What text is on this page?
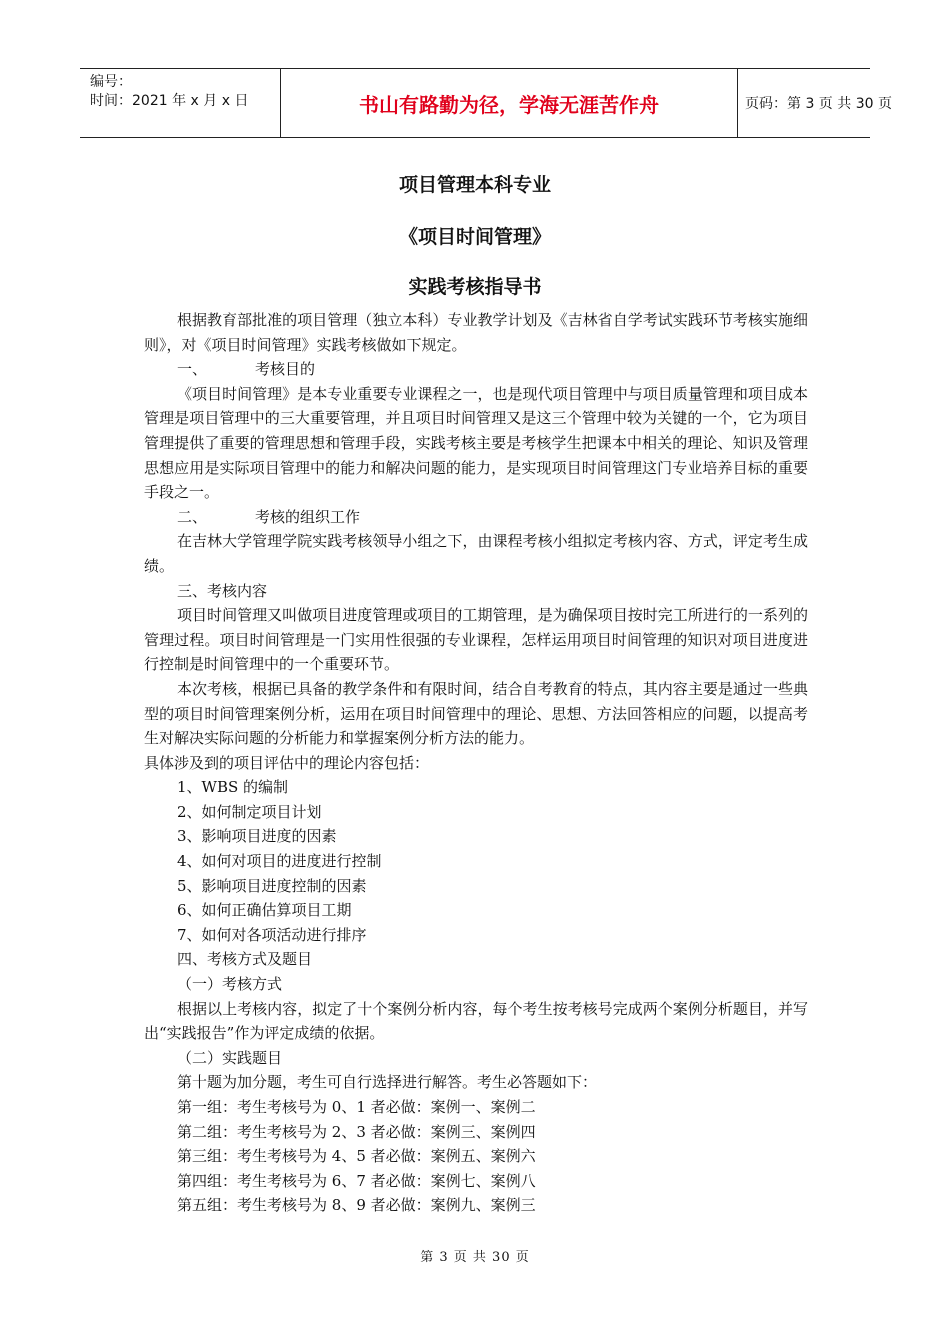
编号：
时间：2021 年 x 月 x 日	书山有路勤为径，学海无涯苦作舟	页码：第 3 页 共 30 页
项目管理本科专业
《项目时间管理》
实践考核指导书

根据教育部批准的项目管理（独立本科）专业教学计划及《吉林省自学考试实践环节考核实施细则》，对《项目时间管理》实践考核做如下规定。

一、	考核目的

《项目时间管理》是本专业重要专业课程之一，也是现代项目管理中与项目质量管理和项目成本管理是项目管理中的三大重要管理，并且项目时间管理又是这三个管理中较为关键的一个，它为项目管理提供了重要的管理思想和管理手段，实践考核主要是考核学生把课本中相关的理论、知识及管理思想应用是实际项目管理中的能力和解决问题的能力，是实现项目时间管理这门专业培养目标的重要手段之一。

二、	考核的组织工作

在吉林大学管理学院实践考核领导小组之下，由课程考核小组拟定考核内容、方式，评定考生成绩。

三、考核内容

项目时间管理又叫做项目进度管理或项目的工期管理，是为确保项目按时完工所进行的一系列的管理过程。项目时间管理是一门实用性很强的专业课程，怎样运用项目时间管理的知识对项目进度进行控制是时间管理中的一个重要环节。

本次考核，根据已具备的教学条件和有限时间，结合自考教育的特点，其内容主要是通过一些典型的项目时间管理案例分析，运用在项目时间管理中的理论、思想、方法回答相应的问题，以提高考生对解决实际问题的分析能力和掌握案例分析方法的能力。

具体涉及到的项目评估中的理论内容包括：

1、WBS 的编制

2、如何制定项目计划

3、影响项目进度的因素

4、如何对项目的进度进行控制

5、影响项目进度控制的因素

6、如何正确估算项目工期

7、如何对各项活动进行排序

四、考核方式及题目

（一）考核方式

根据以上考核内容，拟定了十个案例分析内容，每个考生按考核号完成两个案例分析题目，并写出“实践报告”作为评定成绩的依据。

（二）实践题目

第十题为加分题，考生可自行选择进行解答。考生必答题如下：

第一组：考生考核号为 0、1 者必做：案例一、案例二

第二组：考生考核号为 2、3 者必做：案例三、案例四

第三组：考生考核号为 4、5 者必做：案例五、案例六

第四组：考生考核号为 6、7 者必做：案例七、案例八

第五组：考生考核号为 8、9 者必做：案例九、案例三

第 3 页 共 30 页
